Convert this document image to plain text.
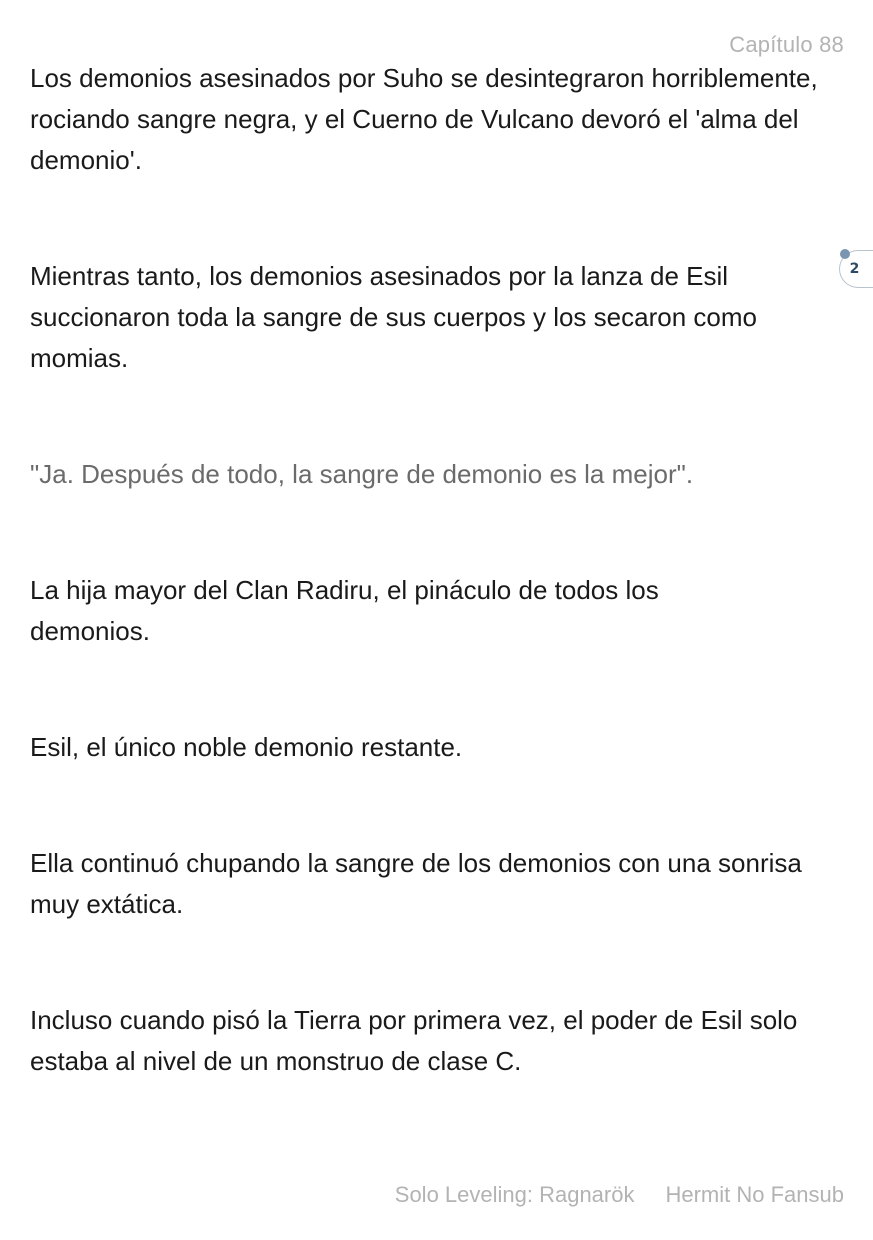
Capítulo 88

Los demonios asesinados por Suho se desintegraron horriblemente, rociando sangre negra, y el Cuerno de Vulcano devoró el 'alma del demonio'.

Mientras tanto, los demonios asesinados por la lanza de Esil succionaron toda la sangre de sus cuerpos y los secaron como momias.

"Ja. Después de todo, la sangre de demonio es la mejor".

La hija mayor del Clan Radiru, el pináculo de todos los demonios.

Esil, el único noble demonio restante.

Ella continuó chupando la sangre de los demonios con una sonrisa muy extática.

Incluso cuando pisó la Tierra por primera vez, el poder de Esil solo estaba al nivel de un monstruo de clase C.

2
Solo Leveling: Ragnarök Hermit No Fansub
